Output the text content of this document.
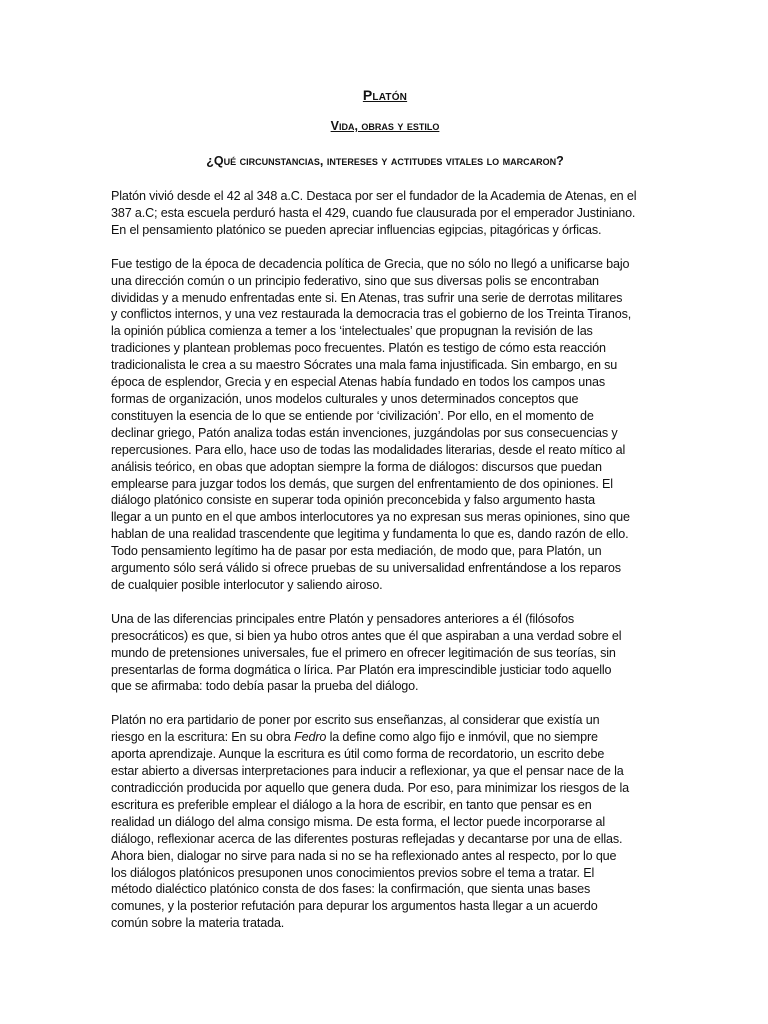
Platón
Vida, obras y estilo
¿Qué circunstancias, intereses y actitudes vitales lo marcaron?

Platón vivió desde el 42 al 348 a.C. Destaca por ser el fundador de la Academia de Atenas, en el
387 a.C; esta escuela perduró hasta el 429, cuando fue clausurada por el emperador Justiniano.
En el pensamiento platónico se pueden apreciar influencias egipcias, pitagóricas y órficas.

Fue testigo de la época de decadencia política de Grecia, que no sólo no llegó a unificarse bajo
una dirección común o un principio federativo, sino que sus diversas polis se encontraban
divididas y a menudo enfrentadas ente si. En Atenas, tras sufrir una serie de derrotas militares
y conflictos internos, y una vez restaurada la democracia tras el gobierno de los Treinta Tiranos,
la opinión pública comienza a temer a los ‘intelectuales’ que propugnan la revisión de las
tradiciones y plantean problemas poco frecuentes. Platón es testigo de cómo esta reacción
tradicionalista le crea a su maestro Sócrates una mala fama injustificada. Sin embargo, en su
época de esplendor, Grecia y en especial Atenas había fundado en todos los campos unas
formas de organización, unos modelos culturales y unos determinados conceptos que
constituyen la esencia de lo que se entiende por ‘civilización’. Por ello, en el momento de
declinar griego, Patón analiza todas están invenciones, juzgándolas por sus consecuencias y
repercusiones. Para ello, hace uso de todas las modalidades literarias, desde el reato mítico al
análisis teórico, en obas que adoptan siempre la forma de diálogos: discursos que puedan
emplearse para juzgar todos los demás, que surgen del enfrentamiento de dos opiniones. El
diálogo platónico consiste en superar toda opinión preconcebida y falso argumento hasta
llegar a un punto en el que ambos interlocutores ya no expresan sus meras opiniones, sino que
hablan de una realidad trascendente que legitima y fundamenta lo que es, dando razón de ello.
Todo pensamiento legítimo ha de pasar por esta mediación, de modo que, para Platón, un
argumento sólo será válido si ofrece pruebas de su universalidad enfrentándose a los reparos
de cualquier posible interlocutor y saliendo airoso.

Una de las diferencias principales entre Platón y pensadores anteriores a él (filósofos
presocráticos) es que, si bien ya hubo otros antes que él que aspiraban a una verdad sobre el
mundo de pretensiones universales, fue el primero en ofrecer legitimación de sus teorías, sin
presentarlas de forma dogmática o lírica. Par Platón era imprescindible justiciar todo aquello
que se afirmaba: todo debía pasar la prueba del diálogo.

Platón no era partidario de poner por escrito sus enseñanzas, al considerar que existía un
riesgo en la escritura: En su obra Fedro la define como algo fijo e inmóvil, que no siempre
aporta aprendizaje. Aunque la escritura es útil como forma de recordatorio, un escrito debe
estar abierto a diversas interpretaciones para inducir a reflexionar, ya que el pensar nace de la
contradicción producida por aquello que genera duda. Por eso, para minimizar los riesgos de la
escritura es preferible emplear el diálogo a la hora de escribir, en tanto que pensar es en
realidad un diálogo del alma consigo misma. De esta forma, el lector puede incorporarse al
diálogo, reflexionar acerca de las diferentes posturas reflejadas y decantarse por una de ellas.
Ahora bien, dialogar no sirve para nada si no se ha reflexionado antes al respecto, por lo que
los diálogos platónicos presuponen unos conocimientos previos sobre el tema a tratar. El
método dialéctico platónico consta de dos fases: la confirmación, que sienta unas bases
comunes, y la posterior refutación para depurar los argumentos hasta llegar a un acuerdo
común sobre la materia tratada.
